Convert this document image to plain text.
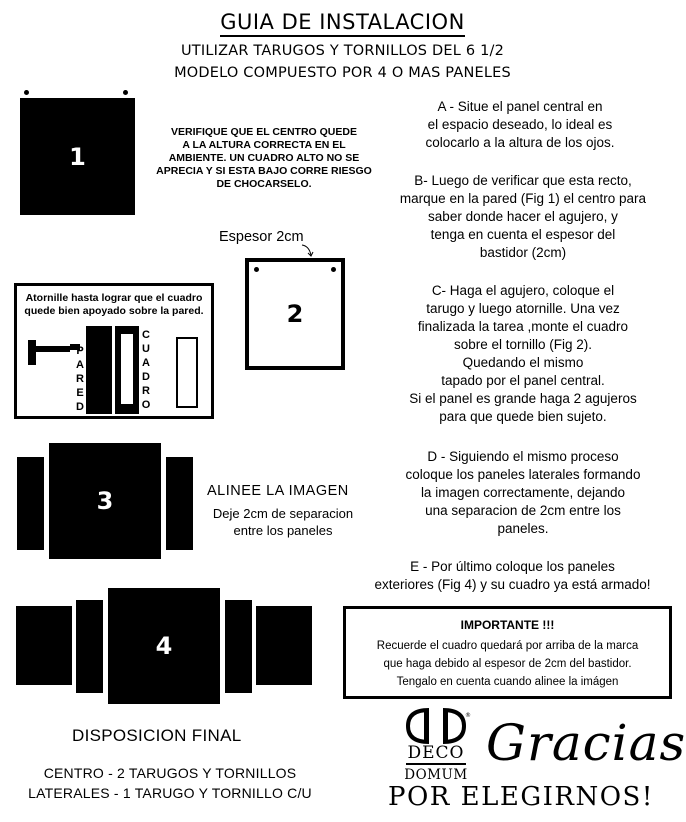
GUIA DE INSTALACION
UTILIZAR TARUGOS Y TORNILLOS DEL 6 1/2
MODELO COMPUESTO POR 4 O MAS PANELES
1
VERIFIQUE QUE EL CENTRO QUEDE
A LA ALTURA CORRECTA EN EL
AMBIENTE. UN CUADRO ALTO NO SE
APRECIA Y SI ESTA BAJO CORRE RIESGO
DE CHOCARSELO.
Espesor 2cm
2
Atornille hasta lograr que el cuadro
quede bien apoyado sobre la pared.
P
A
R
E
D
C
U
A
D
R
O
3	ALINEE LA IMAGEN
Dejе 2cm de separacion
entre los paneles
4
DISPOSICION FINAL
CENTRO - 2 TARUGOS Y TORNILLOS
LATERALES - 1 TARUGO Y TORNILLO C/U
A - Situe el panel central en
el espacio deseado, lo ideal es
colocarlo a la altura de los ojos.
B- Luego de verificar que esta recto,
marque en la pared (Fig 1) el centro para
saber donde hacer el agujero, y
tenga en cuenta el espesor del
bastidor (2cm)
C- Haga el agujero, coloque el
tarugo y luego atornille. Una vez
finalizada la tarea ,monte el cuadro
sobre el tornillo (Fig 2).
Quedando el mismo
tapado por el panel central.
Si el panel es grande haga 2 agujeros
para que quede bien sujeto.
D - Siguiendo el mismo proceso
coloque los paneles laterales formando
la imagen correctamente, dejando
una separacion de 2cm entre los
paneles.
E - Por último coloque los paneles
exteriores (Fig 4) y su cuadro ya está armado!
IMPORTANTE !!!
Recuerde el cuadro quedará por arriba de la marca
que haga debido al espesor de 2cm del bastidor.
Tengalo en cuenta cuando alinee la imágen
®
DECO
DOMUM
Gracias
POR ELEGIRNOS!
